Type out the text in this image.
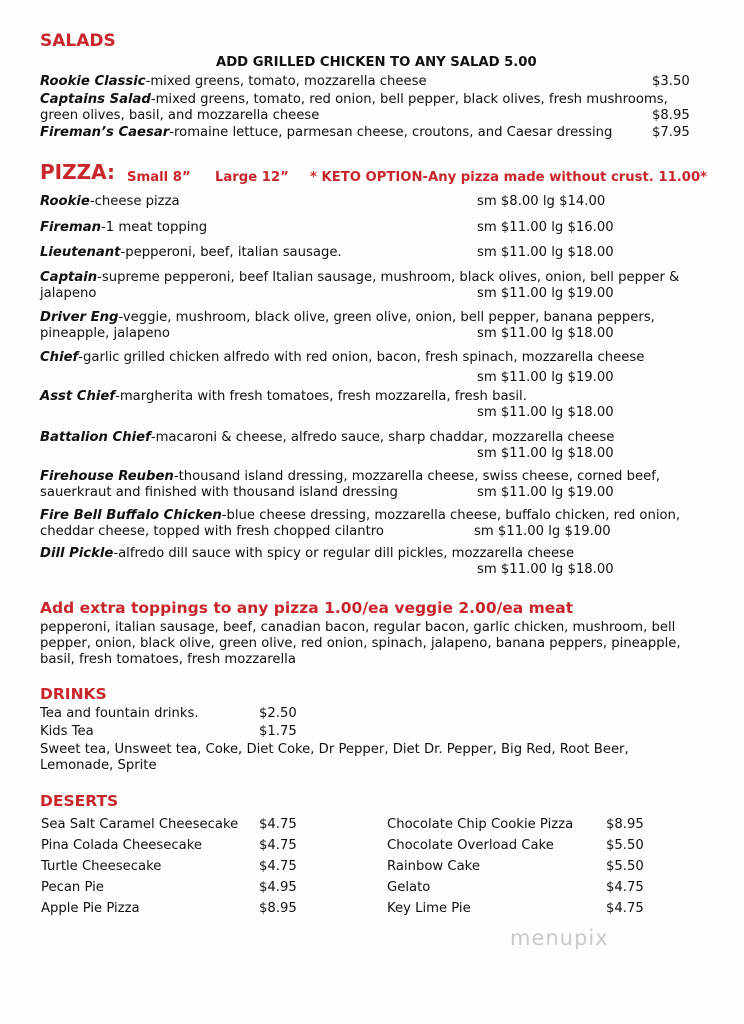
SALADS
ADD GRILLED CHICKEN TO ANY SALAD 5.00
Rookie Classic-mixed greens, tomato, mozzarella cheese	$3.50
Captains Salad-mixed greens, tomato, red onion, bell pepper, black olives, fresh mushrooms, green olives, basil, and mozzarella cheese	$8.95
Fireman’s Caesar-romaine lettuce, parmesan cheese, croutons, and Caesar dressing	$7.95
PIZZA: Small 8” Large 12” * KETO OPTION-Any pizza made without crust. 11.00*
Rookie-cheese pizza	sm $8.00 lg $14.00
Fireman-1 meat topping	sm $11.00 lg $16.00
Lieutenant-pepperoni, beef, italian sausage.	sm $11.00 lg $18.00
Captain-supreme pepperoni, beef Italian sausage, mushroom, black olives, onion, bell pepper & jalapeno	sm $11.00 lg $19.00
Driver Eng-veggie, mushroom, black olive, green olive, onion, bell pepper, banana peppers, pineapple, jalapeno	sm $11.00 lg $18.00
Chief-garlic grilled chicken alfredo with red onion, bacon, fresh spinach, mozzarella cheese
sm $11.00 lg $19.00
Asst Chief-margherita with fresh tomatoes, fresh mozzarella, fresh basil.
sm $11.00 lg $18.00
Battalion Chief-macaroni & cheese, alfredo sauce, sharp chaddar, mozzarella cheese
sm $11.00 lg $18.00
Firehouse Reuben-thousand island dressing, mozzarella cheese, swiss cheese, corned beef, sauerkraut and finished with thousand island dressing	sm $11.00 lg $19.00
Fire Bell Buffalo Chicken-blue cheese dressing, mozzarella cheese, buffalo chicken, red onion, cheddar cheese, topped with fresh chopped cilantro	sm $11.00 lg $19.00
Dill Pickle-alfredo dill sauce with spicy or regular dill pickles, mozzarella cheese
sm $11.00 lg $18.00
Add extra toppings to any pizza 1.00/ea veggie 2.00/ea meat
pepperoni, italian sausage, beef, canadian bacon, regular bacon, garlic chicken, mushroom, bell pepper, onion, black olive, green olive, red onion, spinach, jalapeno, banana peppers, pineapple, basil, fresh tomatoes, fresh mozzarella
DRINKS
Tea and fountain drinks.	$2.50
Kids Tea	$1.75
Sweet tea, Unsweet tea, Coke, Diet Coke, Dr Pepper, Diet Dr. Pepper, Big Red, Root Beer, Lemonade, Sprite
DESERTS
Sea Salt Caramel Cheesecake $4.75
Pina Colada Cheesecake	$4.75
Turtle Cheesecake	$4.75
Pecan Pie	$4.95
Apple Pie Pizza	$8.95
Chocolate Chip Cookie Pizza $8.95
Chocolate Overload Cake	$5.50
Rainbow Cake	$5.50
Gelato	$4.75
Key Lime Pie	$4.75
menupix
